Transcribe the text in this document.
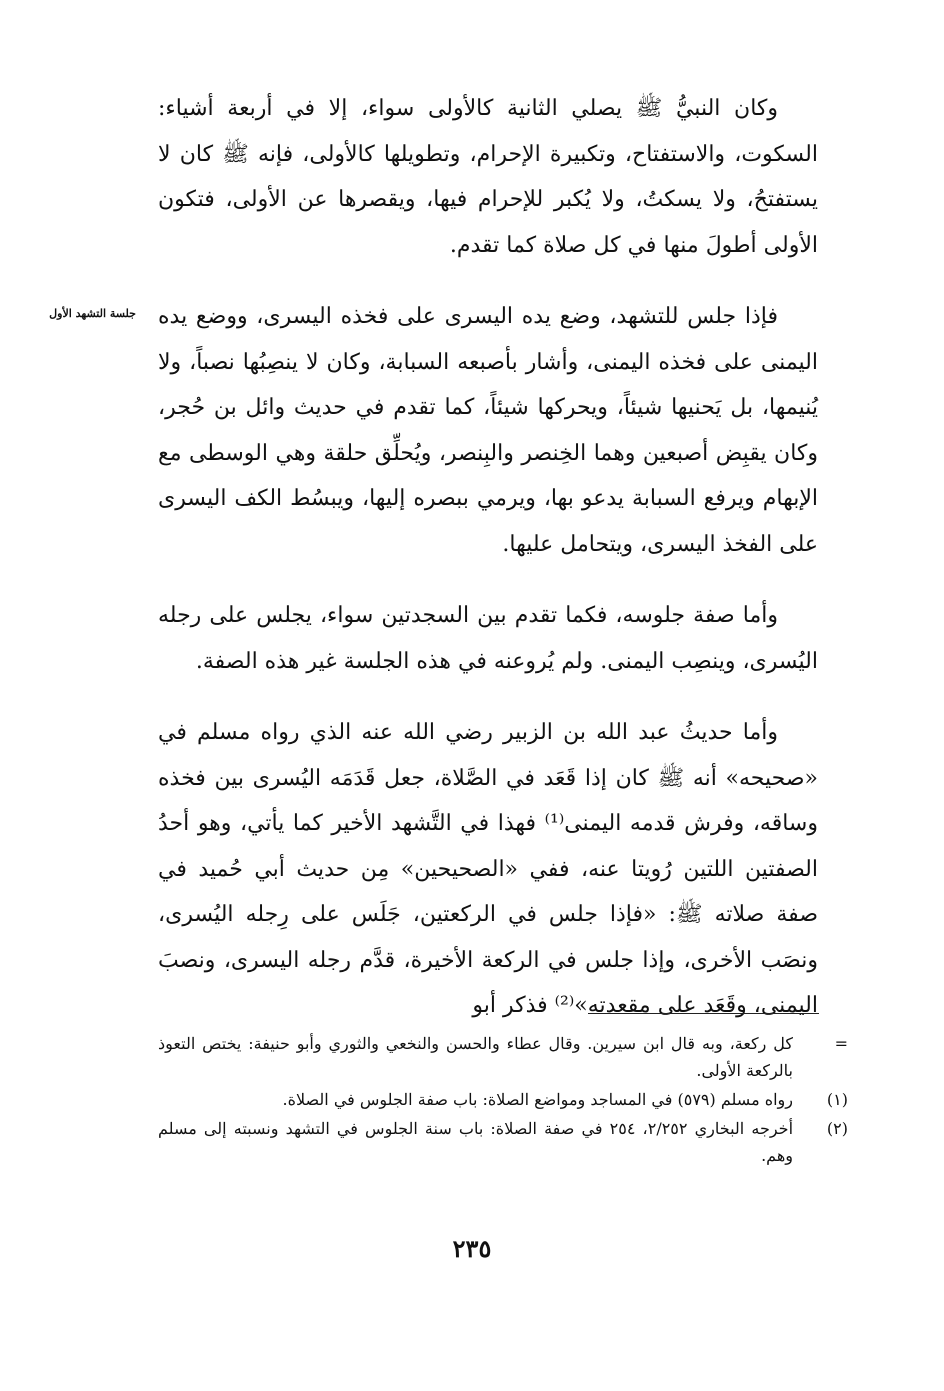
جلسة التشهد الأول

وكان النبيُّ ﷺ يصلي الثانية كالأولى سواء، إلا في أربعة أشياء: السكوت، والاستفتاح، وتكبيرة الإحرام، وتطويلها كالأولى، فإنه ﷺ كان لا يستفتحُ، ولا يسكتُ، ولا يُكبر للإحرام فيها، ويقصرها عن الأولى، فتكون الأولى أطولَ منها في كل صلاة كما تقدم.

فإذا جلس للتشهد، وضع يده اليسرى على فخذه اليسرى، ووضع يده اليمنى على فخذه اليمنى، وأشار بأصبعه السبابة، وكان لا ينصِبُها نصباً، ولا يُنيمها، بل يَحنيها شيئاً، ويحركها شيئاً، كما تقدم في حديث وائل بن حُجر، وكان يقبِض أصبعين وهما الخِنصر والبِنصر، ويُحلِّق حلقة وهي الوسطى مع الإبهام ويرفع السبابة يدعو بها، ويرمي ببصره إليها، ويبسُط الكف اليسرى على الفخذ اليسرى، ويتحامل عليها.

وأما صفة جلوسه، فكما تقدم بين السجدتين سواء، يجلس على رجله اليُسرى، وينصِب اليمنى. ولم يُروعنه في هذه الجلسة غير هذه الصفة.

وأما حديثُ عبد الله بن الزبير رضي الله عنه الذي رواه مسلم في «صحيحه» أنه ﷺ كان إذا قَعَد في الصَّلاة، جعل قَدَمَه اليُسرى بين فخذه وساقه، وفرش قدمه اليمنى⁽¹⁾ فهذا في التَّشهد الأخير كما يأتي، وهو أحدُ الصفتين اللتين رُويتا عنه، ففي «الصحيحين» مِن حديث أبي حُميد في صفة صلاته ﷺ: «فإذا جلس في الركعتين، جَلَس على رِجله اليُسرى، ونصَب الأخرى، وإذا جلس في الركعة الأخيرة، قدَّم رجله اليسرى، ونصبَ اليمنى، وقَعَد على مقعدته»⁽²⁾ فذكر أبو

=
كل ركعة، وبه قال ابن سيرين. وقال عطاء والحسن والنخعي والثوري وأبو حنيفة: يختص التعوذ بالركعة الأولى.
(١)
رواه مسلم (٥٧٩) في المساجد ومواضع الصلاة: باب صفة الجلوس في الصلاة.
(٢)
أخرجه البخاري ٢/٢٥٢، ٢٥٤ في صفة الصلاة: باب سنة الجلوس في التشهد ونسبته إلى مسلم وهم.
٢٣٥
